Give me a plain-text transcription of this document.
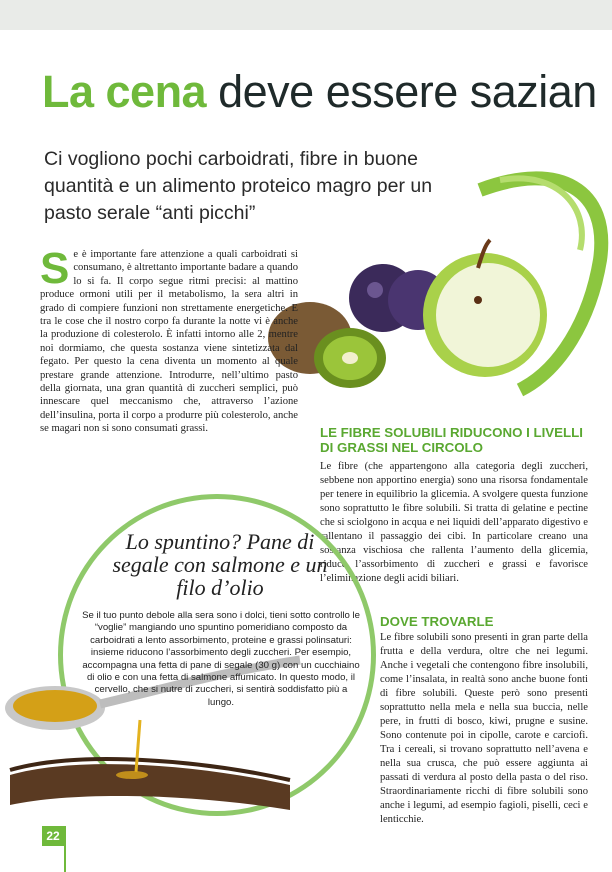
La cena deve essere sazian
Ci vogliono pochi carboidrati, fibre in buone quantità e un alimento proteico magro per un pasto serale “anti picchi”
Se è importante fare attenzione a quali carboidrati si consumano, è altrettanto importante badare a quando lo si fa. Il corpo segue ritmi precisi: al mattino produce ormoni utili per il metabolismo, la sera altri in grado di compiere funzioni non strettamente energetiche. E tra le cose che il nostro corpo fa durante la notte vi è anche la produzione di colesterolo. È infatti intorno alle 2, mentre noi dormiamo, che questa sostanza viene sintetizzata dal fegato. Per questo la cena diventa un momento al quale prestare grande attenzione. Introdurre, nell’ultimo pasto della giornata, una gran quantità di zuccheri semplici, può innescare quel meccanismo che, attraverso l’azione dell’insulina, porta il corpo a produrre più colesterolo, anche se magari non si sono consumati grassi.	LE FIBRE SOLUBILI RIDUCONO I LIVELLI DI GRASSI NEL CIRCOLO
Le fibre (che appartengono alla categoria degli zuccheri, sebbene non apportino energia) sono una risorsa fondamentale per tenere in equilibrio la glicemia. A svolgere questa funzione sono soprattutto le fibre solubili. Si tratta di gelatine e pectine che si sciolgono in acqua e nei liquidi dell’apparato digestivo e rallentano il passaggio dei cibi. In particolare creano una sostanza vischiosa che rallenta l’aumento della glicemia, riduce l’assorbimento di zuccheri e grassi e favorisce l’eliminazione degli acidi biliari.
DOVE TROVARLE
Le fibre solubili sono presenti in gran parte della frutta e della verdura, oltre che nei legumi. Anche i vegetali che contengono fibre insolubili, come l’insalata, in realtà sono anche buone fonti di fibre solubili. Queste però sono presenti soprattutto nella mela e nella sua buccia, nelle pere, in frutti di bosco, kiwi, prugne e susine. Sono contenute poi in cipolle, carote e carciofi. Tra i cereali, si trovano soprattutto nell’avena e nella sua crusca, che può essere aggiunta ai passati di verdura al posto della pasta o del riso. Straordinariamente ricchi di fibre solubili sono anche i legumi, ad esempio fagioli, piselli, ceci e lenticchie.
Lo spuntino? Pane di segale con salmone e un filo d’olio
Se il tuo punto debole alla sera sono i dolci, tieni sotto controllo le “voglie” mangiando uno spuntino pomeridiano composto da carboidrati a lento assorbimento, proteine e grassi polinsaturi: insieme riducono l’assorbimento degli zuccheri. Per esempio, accompagna una fetta di pane di segale (30 g) con un cucchiaino di olio e con una fetta di salmone affumicato. In questo modo, il cervello, che si nutre di zuccheri, si sentirà soddisfatto più a lungo.
22
